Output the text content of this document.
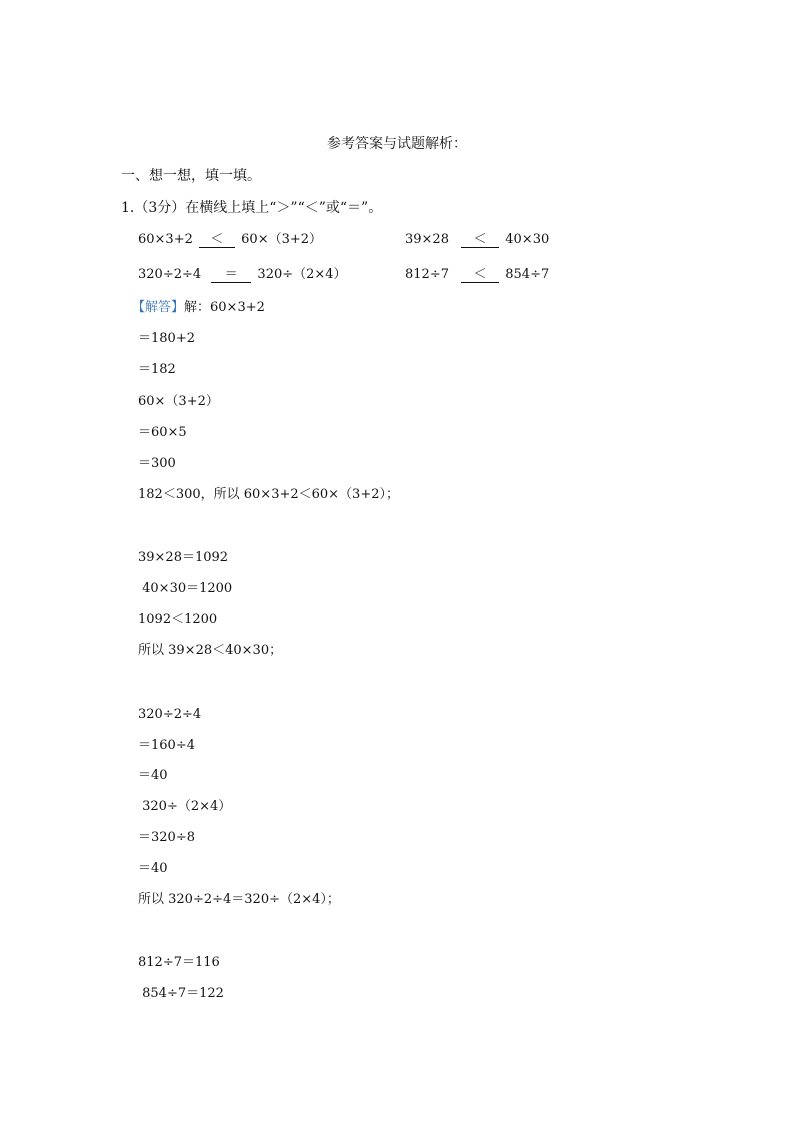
参考答案与试题解析：
一、想一想，填一填。
1.（3分）在横线上填上“＞”“＜”或“＝”。
60×3+2 ＜ 60×（3+2）	39×28 ＜ 40×30
320÷2÷4 ＝ 320÷（2×4）	812÷7 ＜ 854÷7
【解答】解：60×3+2
＝180+2
＝182
60×（3+2）
＝60×5
＝300
182＜300，所以 60×3+2＜60×（3+2）；
39×28＝1092
40×30＝1200
1092＜1200
所以 39×28＜40×30；
320÷2÷4
＝160÷4
＝40
320÷（2×4）
＝320÷8
＝40
所以 320÷2÷4＝320÷（2×4）；
812÷7＝116
854÷7＝122
